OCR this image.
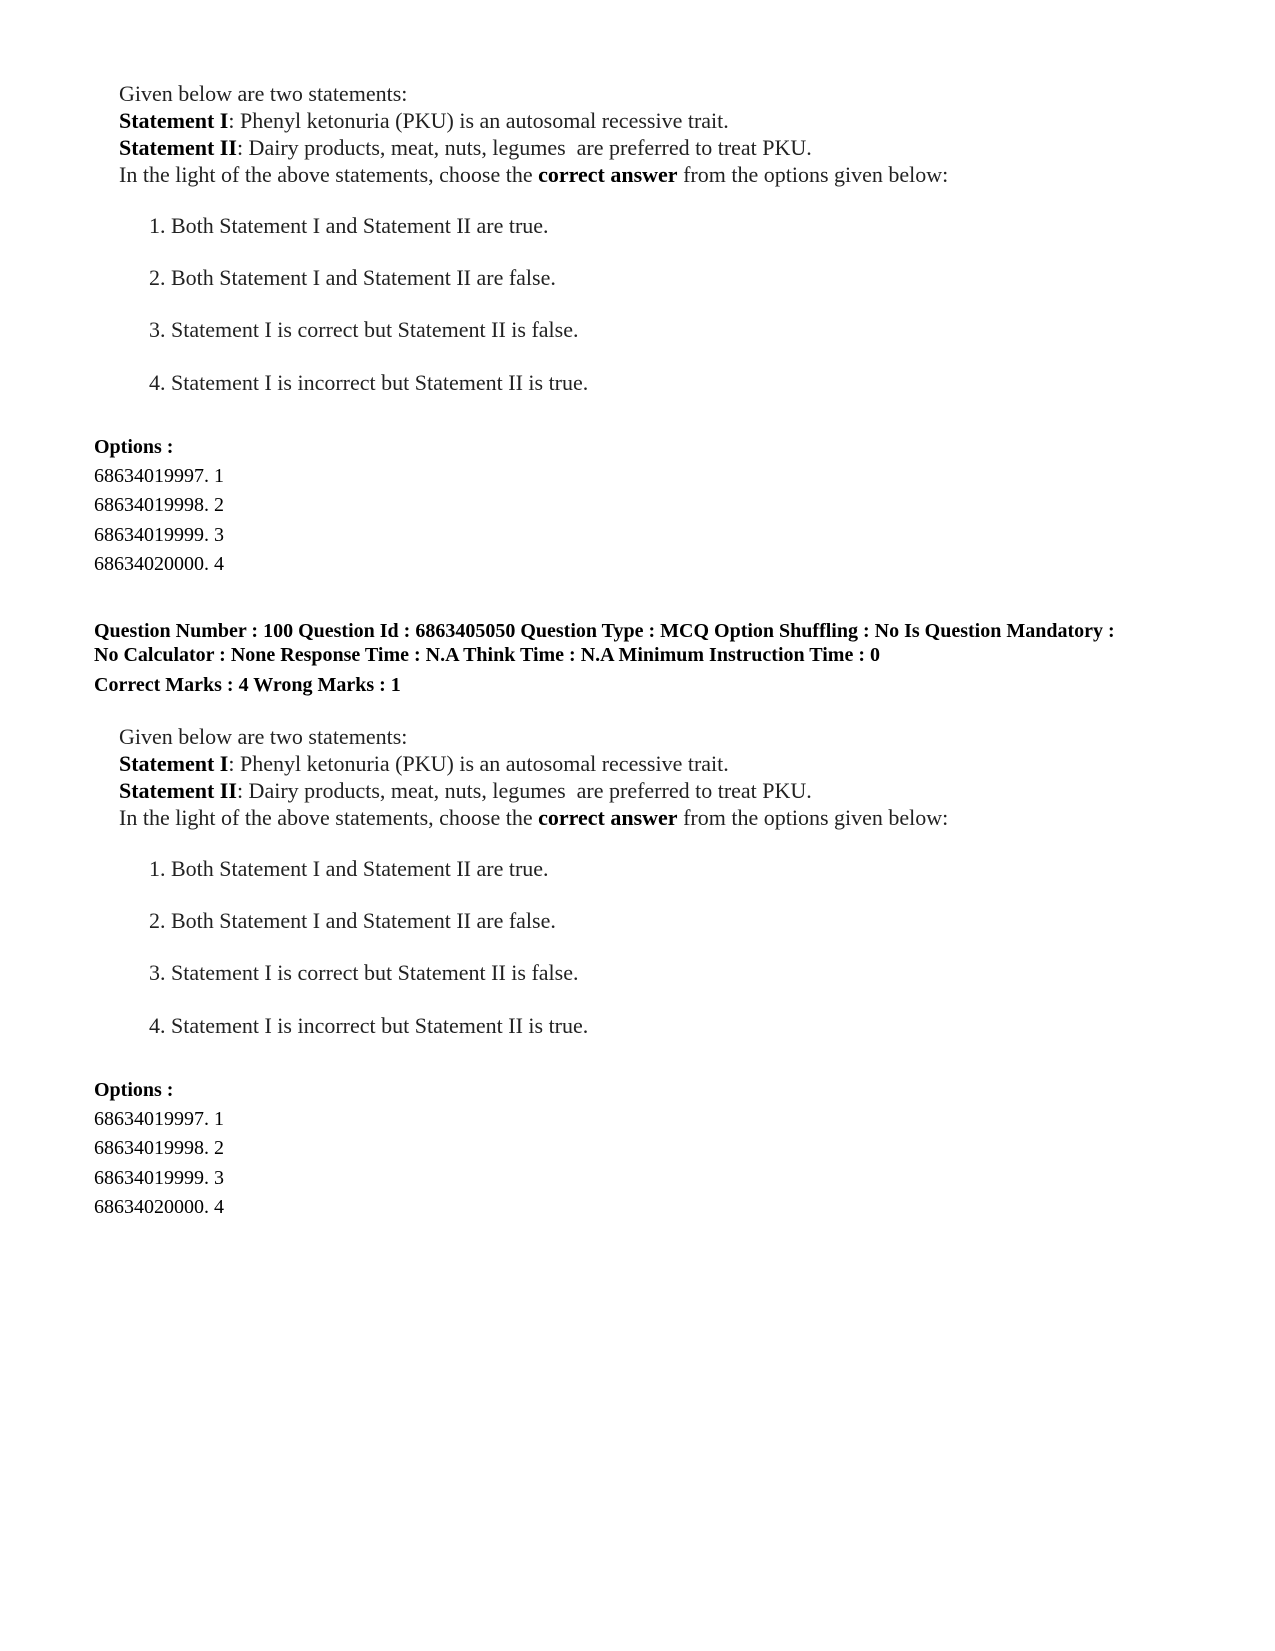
Given below are two statements:
Statement I: Phenyl ketonuria (PKU) is an autosomal recessive trait.
Statement II: Dairy products, meat, nuts, legumes  are preferred to treat PKU.
In the light of the above statements, choose the correct answer from the options given below:
1. Both Statement I and Statement II are true.
2. Both Statement I and Statement II are false.
3. Statement I is correct but Statement II is false.
4. Statement I is incorrect but Statement II is true.
Options :
68634019997. 1
68634019998. 2
68634019999. 3
68634020000. 4
Question Number : 100 Question Id : 6863405050 Question Type : MCQ Option Shuffling : No Is Question Mandatory :
No Calculator : None Response Time : N.A Think Time : N.A Minimum Instruction Time : 0
Correct Marks : 4 Wrong Marks : 1
Given below are two statements:
Statement I: Phenyl ketonuria (PKU) is an autosomal recessive trait.
Statement II: Dairy products, meat, nuts, legumes  are preferred to treat PKU.
In the light of the above statements, choose the correct answer from the options given below:
1. Both Statement I and Statement II are true.
2. Both Statement I and Statement II are false.
3. Statement I is correct but Statement II is false.
4. Statement I is incorrect but Statement II is true.
Options :
68634019997. 1
68634019998. 2
68634019999. 3
68634020000. 4
